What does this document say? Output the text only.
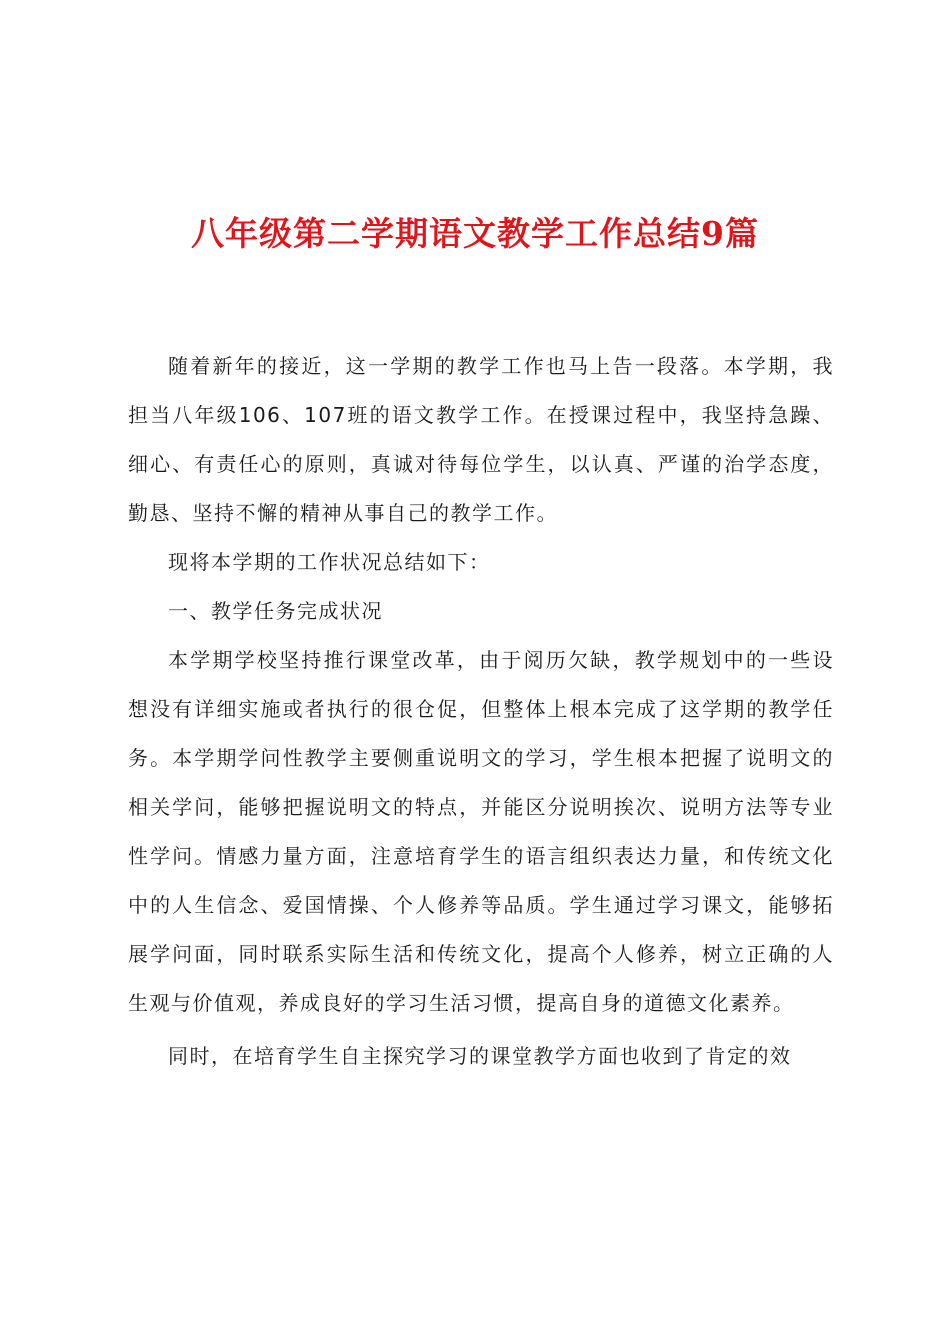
八年级第二学期语文教学工作总结9篇

随着新年的接近，这一学期的教学工作也马上告一段落。本学期，我担当八年级106、107班的语文教学工作。在授课过程中，我坚持急躁、细心、有责任心的原则，真诚对待每位学生，以认真、严谨的治学态度，勤恳、坚持不懈的精神从事自己的教学工作。

现将本学期的工作状况总结如下：

一、教学任务完成状况

本学期学校坚持推行课堂改革，由于阅历欠缺，教学规划中的一些设想没有详细实施或者执行的很仓促，但整体上根本完成了这学期的教学任务。本学期学问性教学主要侧重说明文的学习，学生根本把握了说明文的相关学问，能够把握说明文的特点，并能区分说明挨次、说明方法等专业性学问。情感力量方面，注意培育学生的语言组织表达力量，和传统文化中的人生信念、爱国情操、个人修养等品质。学生通过学习课文，能够拓展学问面，同时联系实际生活和传统文化，提高个人修养，树立正确的人生观与价值观，养成良好的学习生活习惯，提高自身的道德文化素养。

同时，在培育学生自主探究学习的课堂教学方面也收到了肯定的效
